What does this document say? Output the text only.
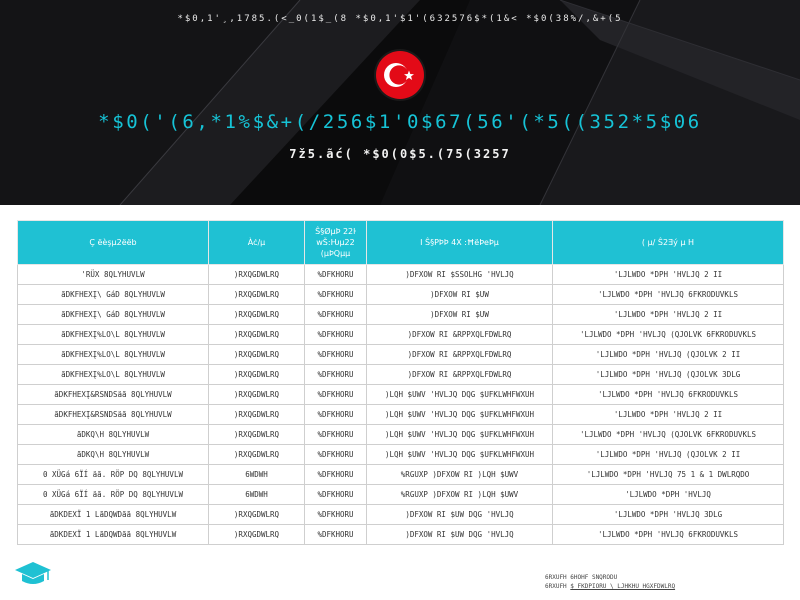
*$0,1'¸,1785.(<_0(1$_(8 *$0,1'$1'(632576$*(1&< *$0(38%/,&+(5
*$0('(6,*1%$&+(/256$1'0$67(56'(*5((352*5$06
7ž5.ãć( *$0(0$5.(75(3257
Ç ëèşµ2ëëb	Àċ/µ	Ŝ§ØµÞ 22ŀ wŠ:Ƕµ22 (µÞQµµ	I Ŝ§PÞÞ 4X :ĦëÞeÞµ	( µ/ Ŝ2Ǝý µ H
'RÜX 8QLYHUVLW	)RXQGDWLRQ	%DFKHORU	)DFXOW RI $SSOLHG 'HVLJQ	'LJLWDO *DPH 'HVLJQ 2 II
ãDKFHEXĮ\ GáD 8QLYHUVLW	)RXQGDWLRQ	%DFKHORU	)DFXOW RI $UW	'LJLWDO *DPH 'HVLJQ 6FKRODUVKLS
ãDKFHEXĮ\ GáD 8QLYHUVLW	)RXQGDWLRQ	%DFKHORU	)DFXOW RI $UW	'LJLWDO *DPH 'HVLJQ 2 II
ãDKFHEXĮ%LO\L 8QLYHUVLW	)RXQGDWLRQ	%DFKHORU	)DFXOW RI &RPPXQLFDWLRQ	'LJLWDO *DPH 'HVLJQ (QJOLVK 6FKRODUVKLS
ãDKFHEXĮ%LO\L 8QLYHUVLW	)RXQGDWLRQ	%DFKHORU	)DFXOW RI &RPPXQLFDWLRQ	'LJLWDO *DPH 'HVLJQ (QJOLVK 2 II
ãDKFHEXĮ%LO\L 8QLYHUVLW	)RXQGDWLRQ	%DFKHORU	)DFXOW RI &RPPXQLFDWLRQ	'LJLWDO *DPH 'HVLJQ (QJOLVK 3DLG
ãDKFHEXĮ&RSNDSäã 8QLYHUVLW	)RXQGDWLRQ	%DFKHORU	)LQH $UWV 'HVLJQ DQG $UFKLWHFWXUH	'LJLWDO *DPH 'HVLJQ 6FKRODUVKLS
ãDKFHEXĮ&RSNDSäã 8QLYHUVLW	)RXQGDWLRQ	%DFKHORU	)LQH $UWV 'HVLJQ DQG $UFKLWHFWXUH	'LJLWDO *DPH 'HVLJQ 2 II
ãDKQ\H 8QLYHUVLW	)RXQGDWLRQ	%DFKHORU	)LQH $UWV 'HVLJQ DQG $UFKLWHFWXUH	'LJLWDO *DPH 'HVLJQ (QJOLVK 6FKRODUVKLS
ãDKQ\H 8QLYHUVLW	)RXQGDWLRQ	%DFKHORU	)LQH $UWV 'HVLJQ DQG $UFKLWHFWXUH	'LJLWDO *DPH 'HVLJQ (QJOLVK 2 II
0 XÜGá 6ÏÍ äã. RÖP DQ 8QLYHUVLW	6WDWH	%DFKHORU	%RGUXP )DFXOW RI )LQH $UWV	'LJLWDO *DPH 'HVLJQ 75 1 & 1 DWLRQDO
0 XÜGá 6ÏÍ äã. RÖP DQ 8QLYHUVLW	6WDWH	%DFKHORU	%RGUXP )DFXOW RI )LQH $UWV	'LJLWDO *DPH 'HVLJQ
ãDKDEXÏ 1 LãDQWDãã 8QLYHUVLW	)RXQGDWLRQ	%DFKHORU	)DFXOW RI $UW DQG 'HVLJQ	'LJLWDO *DPH 'HVLJQ 3DLG
ãDKDEXÏ 1 LãDQWDãã 8QLYHUVLW	)RXQGDWLRQ	%DFKHORU	)DFXOW RI $UW DQG 'HVLJQ	'LJLWDO *DPH 'HVLJQ 6FKRODUVKLS
6RXUFH 6HOHF SNQRODU
6RXUFH $ FKDPIORU \ LJHKHU HGXFDWLRQ
